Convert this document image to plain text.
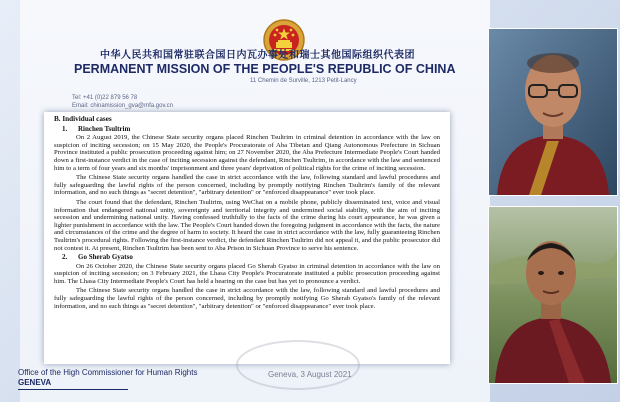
中华人民共和国常驻联合国日内瓦办事处和瑞士其他国际组织代表团
PERMANENT MISSION OF THE PEOPLE'S REPUBLIC OF CHINA
11 Chemin de Surville, 1213 Petit-Lancy
Tel: +41 (0)22 879 56 78
Email: chinamission_gva@mfa.gov.cn
B. Individual cases
1. Rinchen Tsultrim

On 2 August 2019, the Chinese State security organs placed Rinchen Tsultrim in criminal detention in accordance with the law on suspicion of inciting secession; on 15 May 2020, the People's Procuratorate of Aba Tibetan and Qiang Autonomous Prefecture in Sichuan Province instituted a public prosecution proceeding against him; on 27 November 2020, the Aba Prefecture Intermediate People's Court handed down a first-instance verdict in the case of inciting secession against the defendant, Rinchen Tsultrim, in accordance with the law and sentenced him to a term of four years and six months' imprisonment and three years' deprivation of political rights for the crime of inciting secession.

The Chinese State security organs handled the case in strict accordance with the law, following standard and lawful procedures and fully safeguarding the lawful rights of the person concerned, including by promptly notifying Rinchen Tsultrim's family of the relevant information, and no such things as "secret detention", "arbitrary detention" or "enforced disappearance" ever took place.

The court found that the defendant, Rinchen Tsultrim, using WeChat on a mobile phone, publicly disseminated text, voice and visual information that endangered national unity, sovereignty and territorial integrity and undermined social stability, with the aim of inciting secession and undermining national unity. Having confessed truthfully to the facts of the crime during his court appearance, he was given a lighter punishment in accordance with the law. The People's Court handed down the foregoing judgment in accordance with the facts, the nature and circumstances of the crime and the degree of harm to society. It heard the case in strict accordance with the law, fully guaranteeing Rinchen Tsultrim's procedural rights. Following the first-instance verdict, the defendant Rinchen Tsultrim did not appeal it, and the public prosecutor did not contest it. At present, Rinchen Tsultrim has been sent to Aba Prison in Sichuan Province to serve his sentence.

2. Go Sherab Gyatso

On 26 October 2020, the Chinese State security organs placed Go Sherab Gyatso in criminal detention in accordance with the law on suspicion of inciting secession; on 3 February 2021, the Lhasa City People's Procuratorate instituted a public prosecution proceeding against him. The Lhasa City Intermediate People's Court has held a hearing on the case but has yet to pronounce a verdict.

The Chinese State security organs handled the case in strict accordance with the law, following standard and lawful procedures and fully safeguarding the lawful rights of the person concerned, including by promptly notifying Go Sherab Gyatso's family of the relevant information, and no such things as "secret detention", "arbitrary detention" or "enforced disappearance" ever took place.

Geneva, 3 August 2021
Office of the High Commissioner for Human Rights
GENEVA
